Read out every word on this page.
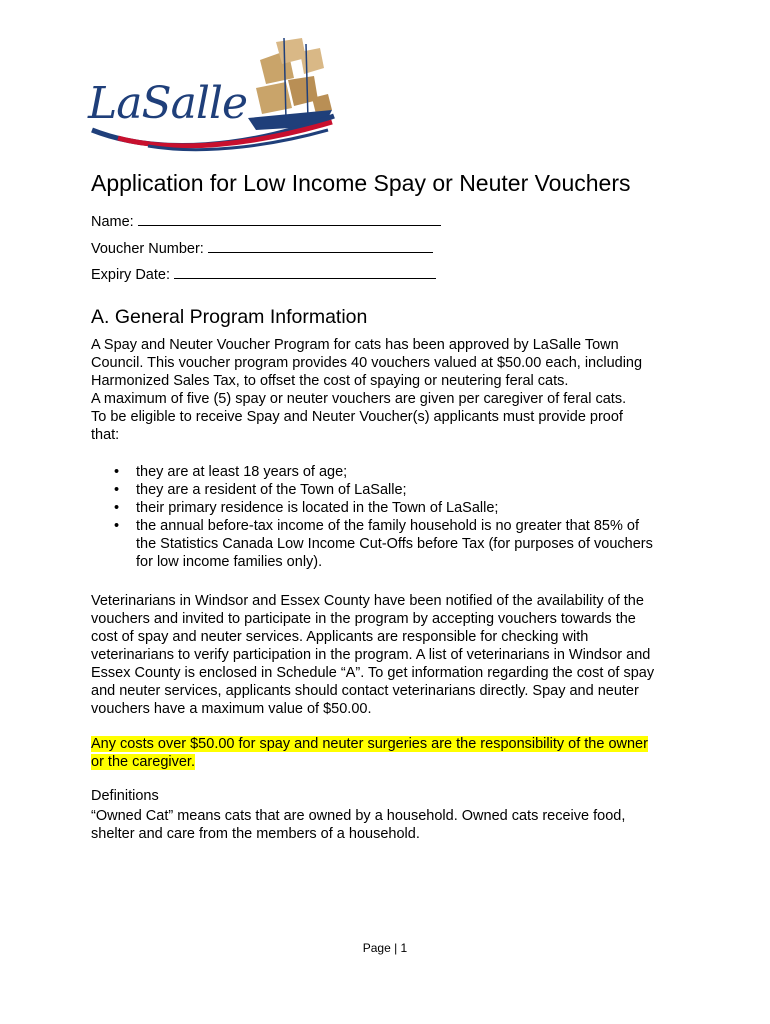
LaSalle
Application for Low Income Spay or Neuter Vouchers
Name:
Voucher Number:
Expiry Date:
A. General Program Information
A Spay and Neuter Voucher Program for cats has been approved by LaSalle Town
Council. This voucher program provides 40 vouchers valued at $50.00 each, including
Harmonized Sales Tax, to offset the cost of spaying or neutering feral cats.
A maximum of five (5) spay or neuter vouchers are given per caregiver of feral cats.
To be eligible to receive Spay and Neuter Voucher(s) applicants must provide proof
that:
• they are at least 18 years of age;
• they are a resident of the Town of LaSalle;
• their primary residence is located in the Town of LaSalle;
• the annual before-tax income of the family household is no greater that 85% of the Statistics Canada Low Income Cut-Offs before Tax (for purposes of vouchers for low income families only).
Veterinarians in Windsor and Essex County have been notified of the availability of the
vouchers and invited to participate in the program by accepting vouchers towards the
cost of spay and neuter services. Applicants are responsible for checking with
veterinarians to verify participation in the program. A list of veterinarians in Windsor and
Essex County is enclosed in Schedule “A”. To get information regarding the cost of spay
and neuter services, applicants should contact veterinarians directly. Spay and neuter
vouchers have a maximum value of $50.00.
Any costs over $50.00 for spay and neuter surgeries are the responsibility of the owner
or the caregiver.
Definitions
“Owned Cat” means cats that are owned by a household. Owned cats receive food,
shelter and care from the members of a household.
Page | 1
